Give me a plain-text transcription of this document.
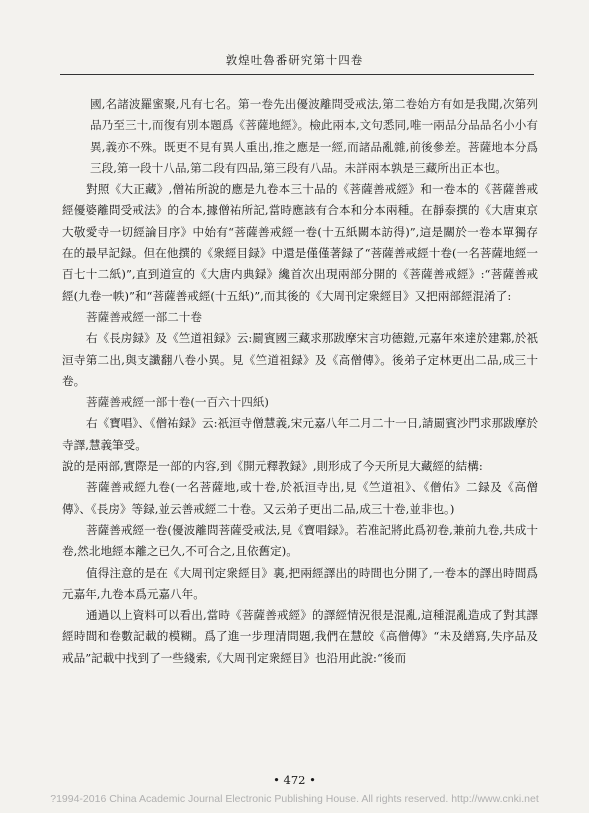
敦煌吐魯番研究第十四卷

國,名諸波羅蜜聚,凡有七名。第一卷先出優波離問受戒法,第二卷始方有如是我聞,次第列品乃至三十,而復有別本題爲《菩薩地經》。檢此兩本,文句悉同,唯一兩品分品品名小小有異,義亦不殊。既更不見有異人重出,推之應是一經,而諸品亂雜,前後參差。菩薩地本分爲三段,第一段十八品,第二段有四品,第三段有八品。未詳兩本孰是三藏所出正本也。

對照《大正藏》,僧祐所說的應是九卷本三十品的《菩薩善戒經》和一卷本的《菩薩善戒經優婆離問受戒法》的合本,據僧祐所記,當時應該有合本和分本兩種。在靜泰撰的《大唐東京大敬愛寺一切經論目序》中始有“菩薩善戒經一卷(十五紙闕本訪得)”,這是關於一卷本單獨存在的最早記録。但在他撰的《衆經目録》中還是僅僅著録了“菩薩善戒經十卷(一名菩薩地經一百七十二紙)”,直到道宣的《大唐内典録》纔首次出現兩部分開的《菩薩善戒經》:“菩薩善戒經(九卷一帙)”和“菩薩善戒經(十五紙)”,而其後的《大周刊定衆經目》又把兩部經混淆了:

菩薩善戒經一部二十卷

右《長房録》及《竺道祖録》云:罽賓國三藏求那跋摩宋言功德鎧,元嘉年來達於建鄴,於祇洹寺第二出,與支讖翻八卷小異。見《竺道祖録》及《高僧傳》。後弟子定林更出二品,成三十卷。

菩薩善戒經一部十卷(一百六十四紙)

右《寶唱》、《僧祐録》云:祇洹寺僧慧義,宋元嘉八年二月二十一日,請罽賓沙門求那跋摩於寺譯,慧義筆受。

說的是兩部,實際是一部的内容,到《開元釋教録》,則形成了今天所見大藏經的結構:

菩薩善戒經九卷(一名菩薩地,或十卷,於祇洹寺出,見《竺道祖》、《僧佑》二録及《高僧傳》、《長房》等録,並云善戒經二十卷。又云弟子更出二品,成三十卷,並非也。)

菩薩善戒經一卷(優波離問菩薩受戒法,見《寶唱録》。若准記將此爲初卷,兼前九卷,共成十卷,然北地經本離之已久,不可合之,且依舊定)。

值得注意的是在《大周刊定衆經目》裏,把兩經譯出的時間也分開了,一卷本的譯出時間爲元嘉年,九卷本爲元嘉八年。

通過以上資料可以看出,當時《菩薩善戒經》的譯經情況很是混亂,這種混亂造成了對其譯經時間和卷數記載的模糊。爲了進一步理清問題,我們在慧皎《高僧傳》“未及繕寫,失序品及戒品”記載中找到了一些綫索,《大周刊定衆經目》也沿用此說:“後而

• 472 •
?1994-2016 China Academic Journal Electronic Publishing House. All rights reserved. http://www.cnki.net
